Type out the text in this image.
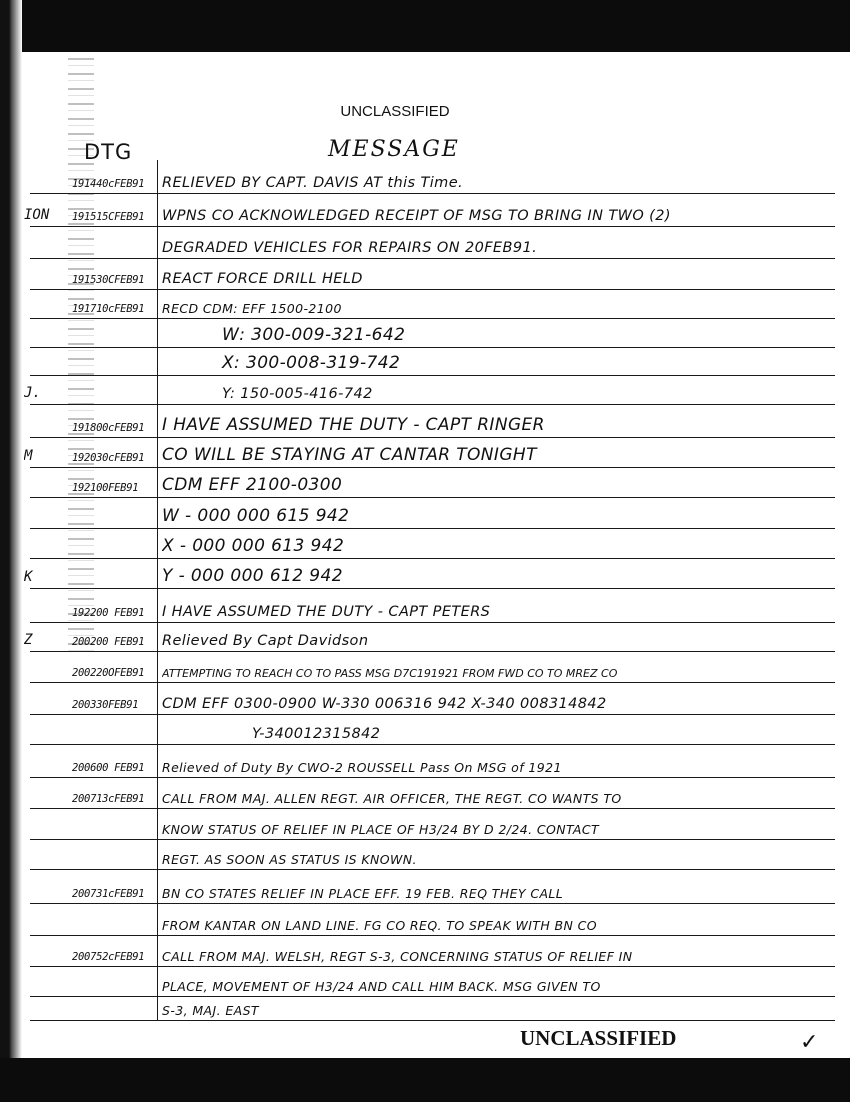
UNCLASSIFIED
DTG	MESSAGE
191440cFEB91	RELIEVED BY CAPT. DAVIS AT this Time.
ION	191515CFEB91	WPNS CO ACKNOWLEDGED RECEIPT OF MSG TO BRING IN TWO (2)
DEGRADED VEHICLES FOR REPAIRS ON 20FEB91.
191530CFEB91	REACT FORCE DRILL HELD
191710cFEB91	RECD CDM: EFF 1500-2100
W: 300-009-321-642
X: 300-008-319-742
J.	Y: 150-005-416-742
191800cFEB91	I HAVE ASSUMED THE DUTY - CAPT RINGER
M	192030cFEB91	CO WILL BE STAYING AT CANTAR TONIGHT
192100FEB91	CDM EFF 2100-0300
W - 000 000 615 942
X - 000 000 613 942
K	Y - 000 000 612 942
192200 FEB91	I HAVE ASSUMED THE DUTY - CAPT PETERS
Z	200200 FEB91	Relieved By Capt Davidson
200220OFEB91	ATTEMPTING TO REACH CO TO PASS MSG D7C191921 FROM FWD CO TO MREZ CO
200330FEB91	CDM EFF 0300-0900 W-330 006316 942 X-340 008314842
Y-340012315842
200600 FEB91	Relieved of Duty By CWO-2 ROUSSELL Pass On MSG of 1921
200713cFEB91	CALL FROM MAJ. ALLEN REGT. AIR OFFICER, THE REGT. CO WANTS TO
KNOW STATUS OF RELIEF IN PLACE OF H3/24 BY D 2/24. CONTACT
REGT. AS SOON AS STATUS IS KNOWN.
200731cFEB91	BN CO STATES RELIEF IN PLACE EFF. 19 FEB. REQ THEY CALL
FROM KANTAR ON LAND LINE. FG CO REQ. TO SPEAK WITH BN CO
200752cFEB91	CALL FROM MAJ. WELSH, REGT S-3, CONCERNING STATUS OF RELIEF IN
PLACE, MOVEMENT OF H3/24 AND CALL HIM BACK. MSG GIVEN TO
S-3, MAJ. EAST
UNCLASSIFIED	✓
